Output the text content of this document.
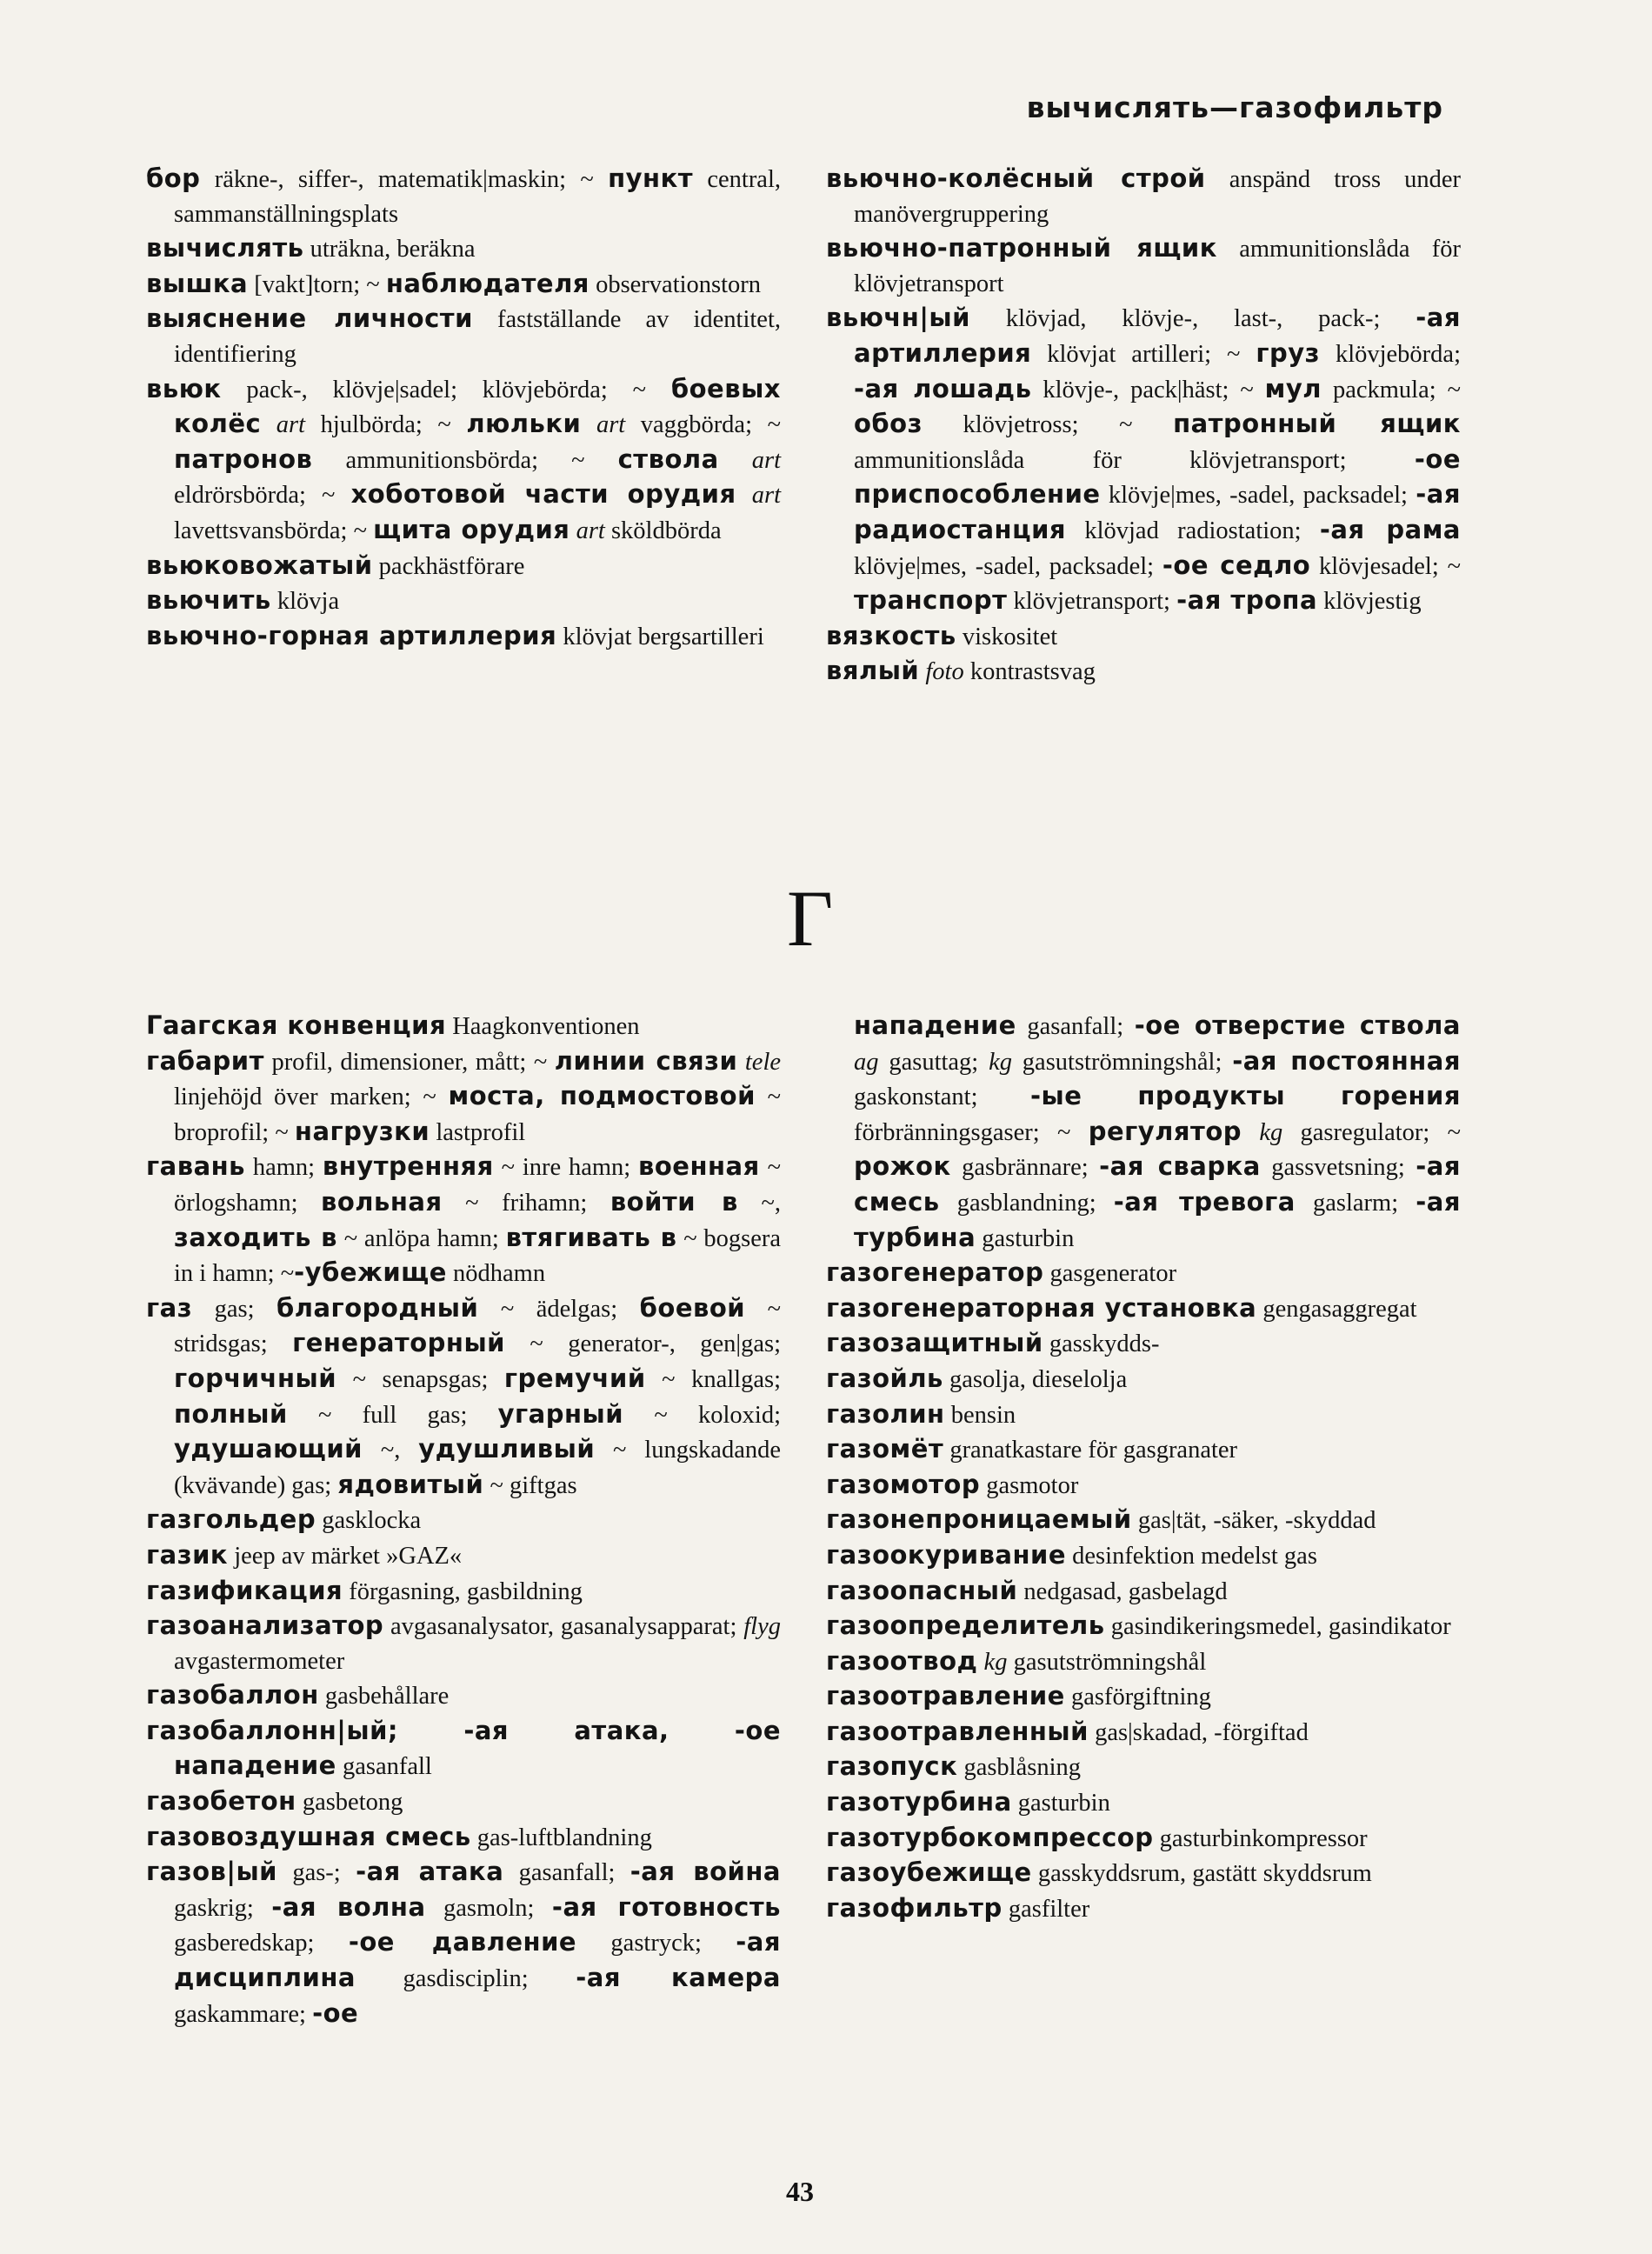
вычислять—газофильтр

бор räkne-, siffer-, matematik|maskin; ~ пункт central, sammanställningsplats

вычислять uträkna, beräkna

вышка [vakt]torn; ~ наблюдателя observationstorn

выяснение личности fastställande av identitet, identifiering

вьюк pack-, klövje|sadel; klövjebörda; ~ боевых колёс art hjulbörda; ~ люльки art vaggbörda; ~ патронов ammunitionsbörda; ~ ствола art eldrörsbörda; ~ хоботовой части орудия art lavettsvansbörda; ~ щита орудия art sköldbörda

вьюковожатый packhästförare

вьючить klövja

вьючно-горная артиллерия klövjat bergsartilleri

вьючно-колёсный строй anspänd tross under manövergruppering

вьючно-патронный ящик ammunitionslåda för klövjetransport

вьючн|ый klövjad, klövje-, last-, pack-; -ая артиллерия klövjat artilleri; ~ груз klövjebörda; -ая лошадь klövje-, pack|häst; ~ мул packmula; ~ обоз klövjetross; ~ патронный ящик ammunitionslåda för klövjetransport; -ое приспособление klövje|mes, -sadel, packsadel; -ая радиостанция klövjad radiostation; -ая рама klövje|mes, -sadel, packsadel; -ое седло klövjesadel; ~ транспорт klövjetransport; -ая тропа klövjestig

вязкость viskositet

вялый foto kontrastsvag

Г

Гаагская конвенция Haagkonventionen

габарит profil, dimensioner, mått; ~ линии связи tele linjehöjd över marken; ~ моста, подмостовой ~ broprofil; ~ нагрузки lastprofil

гавань hamn; внутренняя ~ inre hamn; военная ~ örlogshamn; вольная ~ frihamn; войти в ~, заходить в ~ anlöpa hamn; втягивать в ~ bogsera in i hamn; ~-убежище nödhamn

газ gas; благородный ~ ädelgas; боевой ~ stridsgas; генераторный ~ generator-, gen|gas; горчичный ~ senapsgas; гремучий ~ knallgas; полный ~ full gas; угарный ~ koloxid; удушающий ~, удушливый ~ lungskadande (kvävande) gas; ядовитый ~ giftgas

газгольдер gasklocka

газик jeep av märket »GAZ«

газификация förgasning, gasbildning

газоанализатор avgasanalysator, gasanalysapparat; flyg avgastermometer

газобаллон gasbehållare

газобаллонн|ый; -ая атака, -ое нападение gasanfall

газобетон gasbetong

газовоздушная смесь gas-luftblandning

газов|ый gas-; -ая атака gasanfall; -ая война gaskrig; -ая волна gasmoln; -ая готовность gasberedskap; -ое давление gastryck; -ая дисциплина gasdisciplin; -ая камера gaskammare; -ое

нападение gasanfall; -ое отверстие ствола ag gasuttag; kg gasutströmningshål; -ая постоянная gaskonstant; -ые продукты горения förbränningsgaser; ~ регулятор kg gasregulator; ~ рожок gasbrännare; -ая сварка gassvetsning; -ая смесь gasblandning; -ая тревога gaslarm; -ая турбина gasturbin

газогенератор gasgenerator

газогенераторная установка gengasaggregat

газозащитный gasskydds-

газойль gasolja, dieselolja

газолин bensin

газомёт granatkastare för gasgranater

газомотор gasmotor

газонепроницаемый gas|tät, -säker, -skyddad

газоокуривание desinfektion medelst gas

газоопасный nedgasad, gasbelagd

газоопределитель gasindikeringsmedel, gasindikator

газоотвод kg gasutströmningshål

газоотравление gasförgiftning

газоотравленный gas|skadad, -förgiftad

газопуск gasblåsning

газотурбина gasturbin

газотурбокомпрессор gasturbinkompressor

газоубежище gasskyddsrum, gastätt skyddsrum

газофильтр gasfilter

43
